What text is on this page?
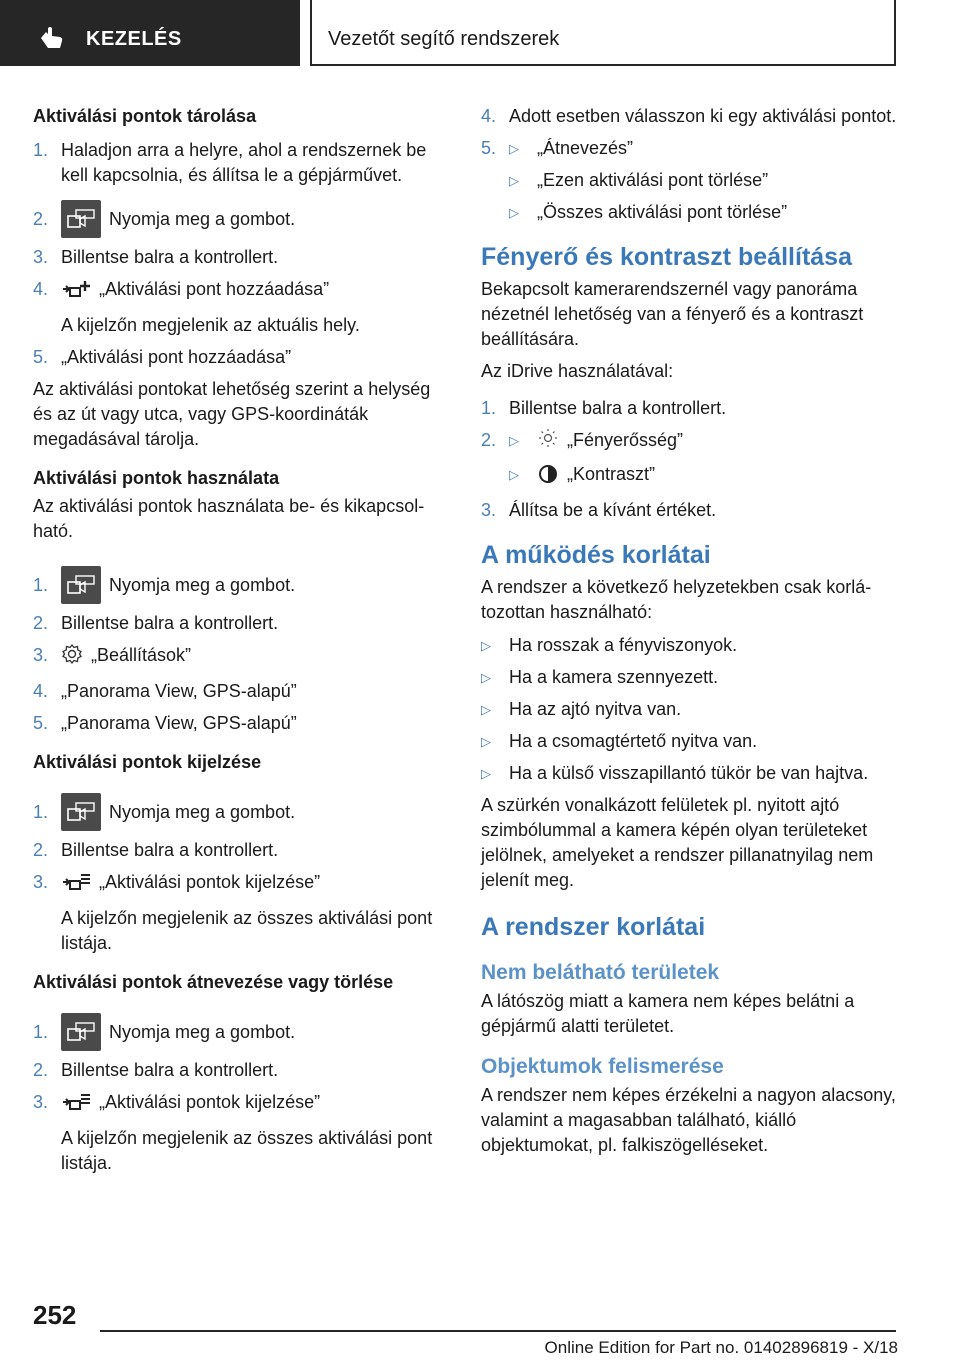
KEZELÉS	Vezetőt segítő rendszerek
Aktiválási pontok tárolása
1. Haladjon arra a helyre, ahol a rendszernek be kell kapcsolnia, és állítsa le a gépjárművet.
2.	Nyomja meg a gombot.
3. Billentse balra a kontrollert.
4.	„Aktiválási pont hozzáadása”
A kijelzőn megjelenik az aktuális hely.
5. „Aktiválási pont hozzáadása”

Az aktiválási pontokat lehetőség szerint a helység és az út vagy utca, vagy GPS-koordináták megadásával tárolja.

Aktiválási pontok használata

Az aktiválási pontok használata be- és kikapcsolható.

1.	Nyomja meg a gombot.
2. Billentse balra a kontrollert.
3.	„Beállítások”
4. „Panorama View, GPS-alapú”
5. „Panorama View, GPS-alapú”
Aktiválási pontok kijelzése
1.	Nyomja meg a gombot.
2. Billentse balra a kontrollert.
3.	„Aktiválási pontok kijelzése”
A kijelzőn megjelenik az összes aktiválási pont listája.
Aktiválási pontok átnevezése vagy törlése
1.	Nyomja meg a gombot.
2. Billentse balra a kontrollert.
3.	„Aktiválási pontok kijelzése”
A kijelzőn megjelenik az összes aktiválási pont listája.
4. Adott esetben válasszon ki egy aktiválási pontot.
5. ▷	„Átnevezés”
▷	„Ezen aktiválási pont törlése”
▷	„Összes aktiválási pont törlése”
Fényerő és kontraszt beállítása

Bekapcsolt kamerarendszernél vagy panoráma nézetnél lehetőség van a fényerő és a kontraszt beállítására.

Az iDrive használatával:

1. Billentse balra a kontrollert.
2. ▷	„Fényerősség”
▷	„Kontraszt”
3. Állítsa be a kívánt értéket.
A működés korlátai

A rendszer a következő helyzetekben csak korlátozottan használható:

▷	Ha rosszak a fényviszonyok.
▷	Ha a kamera szennyezett.
▷	Ha az ajtó nyitva van.
▷	Ha a csomagtértető nyitva van.
▷	Ha a külső visszapillantó tükör be van hajtva.

A szürkén vonalkázott felületek pl. nyitott ajtó szimbólummal a kamera képén olyan területeket jelölnek, amelyeket a rendszer pillanatnyilag nem jelenít meg.

A rendszer korlátai
Nem belátható területek

A látószög miatt a kamera nem képes belátni a gépjármű alatti területet.

Objektumok felismerése

A rendszer nem képes érzékelni a nagyon alacsony, valamint a magasabban található, kiálló objektumokat, pl. falkiszögelléseket.

252
Online Edition for Part no. 01402896819 - X/18
